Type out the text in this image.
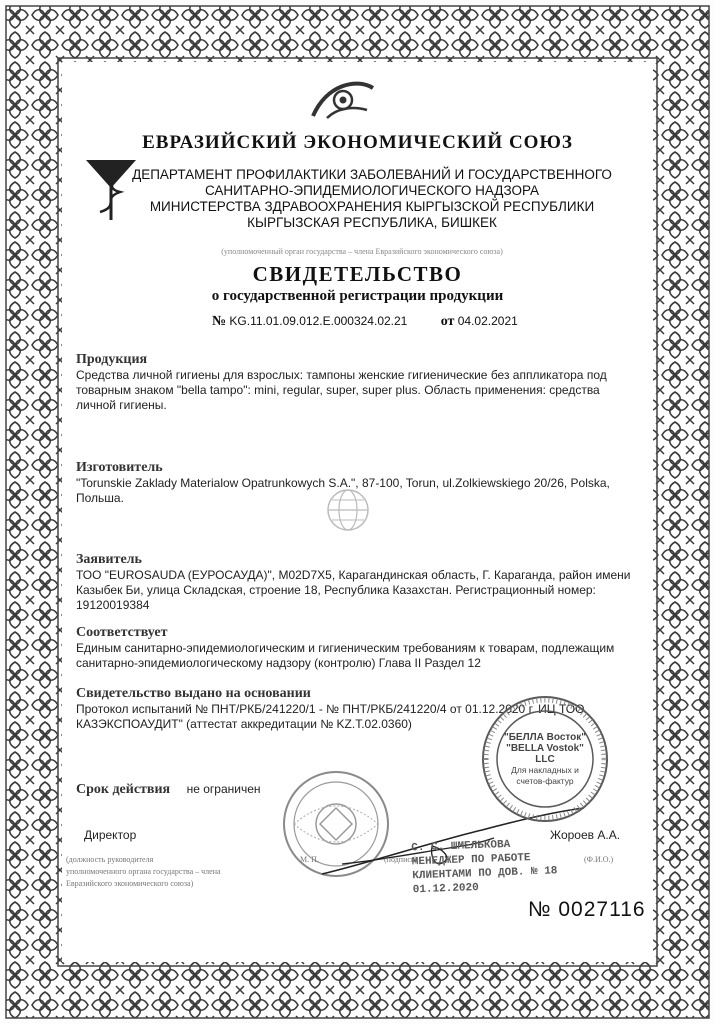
ЕВРАЗИЙСКИЙ ЭКОНОМИЧЕСКИЙ СОЮЗ
ДЕПАРТАМЕНТ ПРОФИЛАКТИКИ ЗАБОЛЕВАНИЙ И ГОСУДАРСТВЕННОГО
САНИТАРНО-ЭПИДЕМИОЛОГИЧЕСКОГО НАДЗОРА
МИНИСТЕРСТВА ЗДРАВООХРАНЕНИЯ КЫРГЫЗСКОЙ РЕСПУБЛИКИ
КЫРГЫЗСКАЯ РЕСПУБЛИКА, БИШКЕК
(уполномоченный орган государства – члена Евразийского экономического союза)
СВИДЕТЕЛЬСТВО
о государственной регистрации продукции
№ KG.11.01.09.012.E.000324.02.21 от 04.02.2021
Продукция
Средства личной гигиены для взрослых: тампоны женские гигиенические без аппликатора под товарным знаком "bella tampo": mini, regular, super, super plus. Область применения: средства личной гигиены.
Изготовитель
"Torunskie Zaklady Materialow Opatrunkowych S.A.", 87-100, Torun, ul.Zolkiewskiego 20/26, Polska, Польша.
Заявитель
ТОО "EUROSAUDA (ЕУРОСАУДА)", M02D7X5, Карагандинская область, Г. Караганда, район имени Казыбек Би, улица Складская, строение 18, Республика Казахстан. Регистрационный номер: 19120019384
Соответствует
Единым санитарно-эпидемиологическим и гигиеническим требованиям к товарам, подлежащим санитарно-эпидемиологическому надзору (контролю) Глава II Раздел 12
Свидетельство выдано на основании
Протокол испытаний № ПНТ/РКБ/241220/1 - № ПНТ/РКБ/241220/4 от 01.12.2020 г. ИЦ ТОО КАЗЭКСПОАУДИТ" (аттестат аккредитации № KZ.T.02.0360)
Срок действия не ограничен
Директор	Жороев А.А.
(должность руководителя
уполномоченного органа государства – члена
Евразийского экономического союза)
М. П.	(подпись)	(Ф.И.О.)
С. С. ШМЕЛЬКОВА
МЕНЕДЖЕР ПО РАБОТЕ
КЛИЕНТАМИ ПО ДОВ. № 18
01.12.2020
"БЕЛЛА Восток"
"BELLA Vostok"
LLC
Для накладных и
счетов-фактур
№ 0027116
